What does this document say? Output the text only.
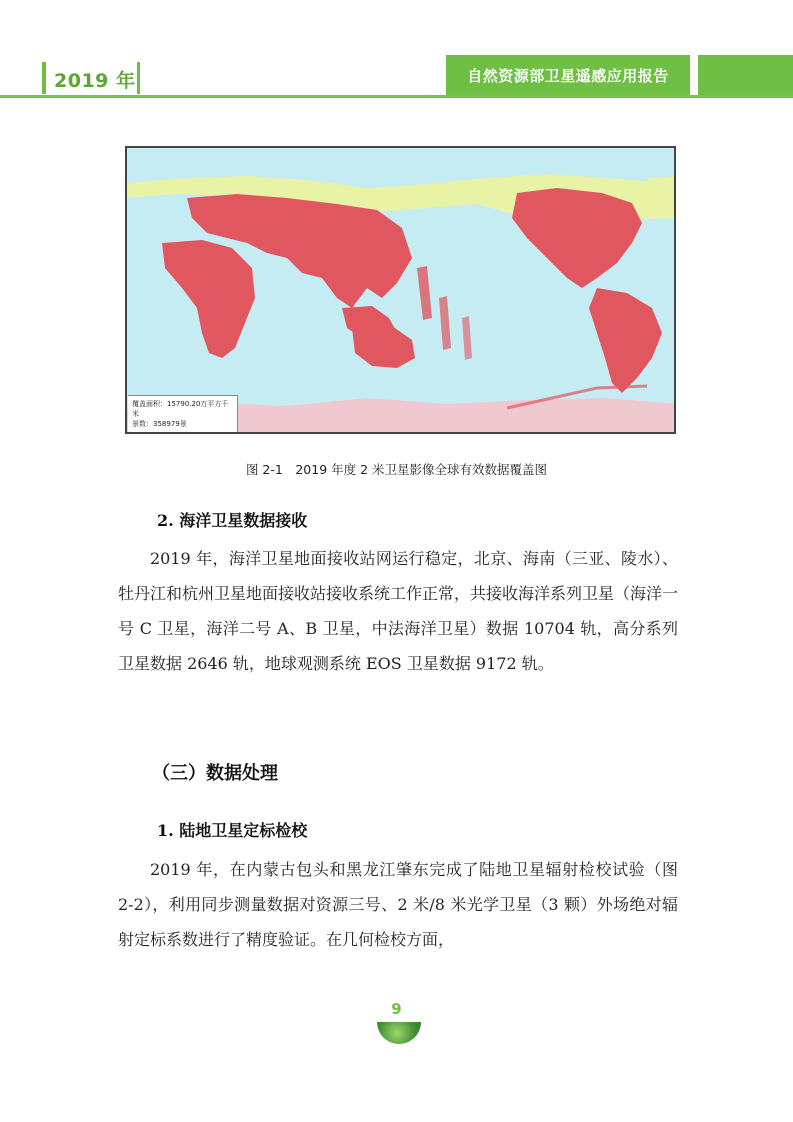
2019 年	自然资源部卫星遥感应用报告
覆盖面积：15790.20万平方千米
景数：358979景
图 2-1　2019 年度 2 米卫星影像全球有效数据覆盖图
2. 海洋卫星数据接收

2019 年，海洋卫星地面接收站网运行稳定，北京、海南（三亚、陵水）、牡丹江和杭州卫星地面接收站接收系统工作正常，共接收海洋系列卫星（海洋一号 C 卫星，海洋二号 A、B 卫星，中法海洋卫星）数据 10704 轨，高分系列卫星数据 2646 轨，地球观测系统 EOS 卫星数据 9172 轨。

（三）数据处理
1. 陆地卫星定标检校

2019 年，在内蒙古包头和黑龙江肇东完成了陆地卫星辐射检校试验（图 2-2），利用同步测量数据对资源三号、2 米/8 米光学卫星（3 颗）外场绝对辐射定标系数进行了精度验证。在几何检校方面，

9
